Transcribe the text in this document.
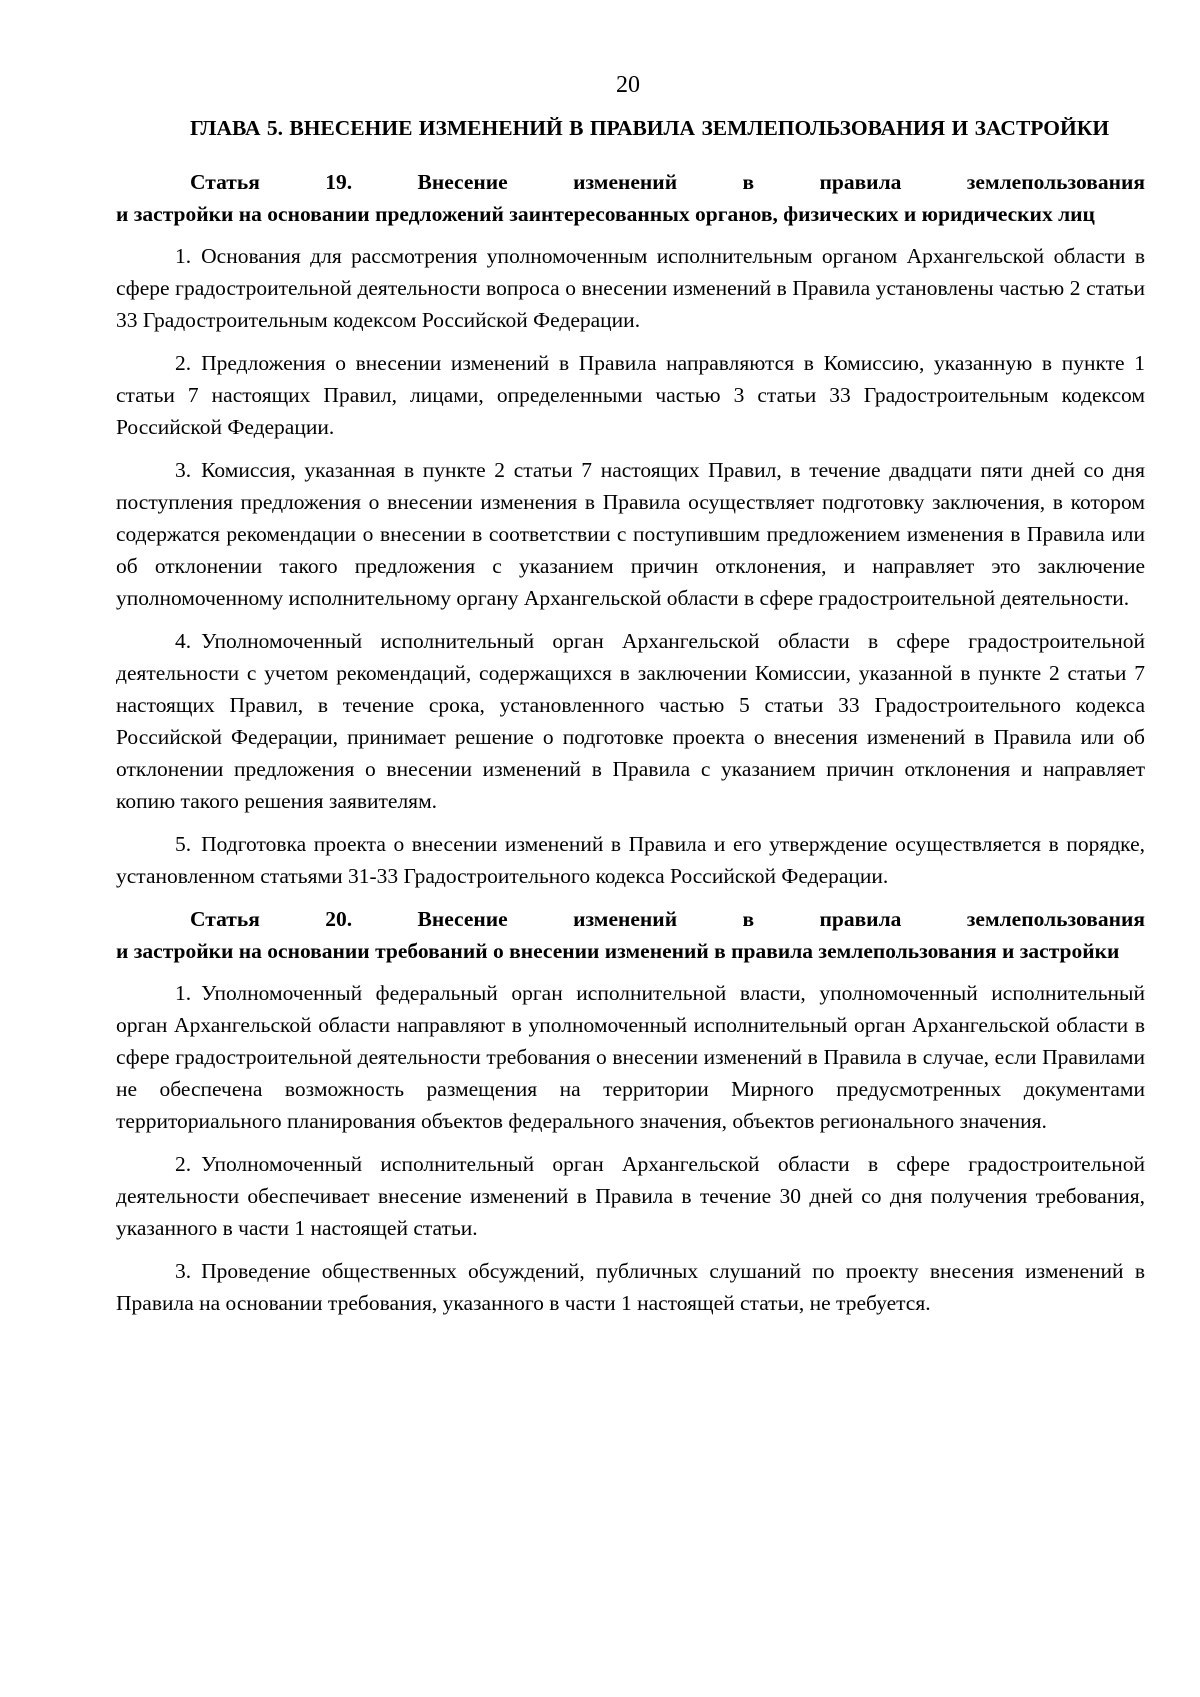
20
ГЛАВА 5. ВНЕСЕНИЕ ИЗМЕНЕНИЙ В ПРАВИЛА ЗЕМЛЕПОЛЬЗОВАНИЯ И ЗАСТРОЙКИ
Статья 19. Внесение изменений в правила землепользования
и застройки на основании предложений заинтересованных органов, физических и юридических лиц
1. Основания для рассмотрения уполномоченным исполнительным органом Архангельской области в сфере градостроительной деятельности вопроса о внесении изменений в Правила установлены частью 2 статьи 33 Градостроительным кодексом Российской Федерации.
2. Предложения о внесении изменений в Правила направляются в Комиссию, указанную в пункте 1 статьи 7 настоящих Правил, лицами, определенными частью 3 статьи 33 Градостроительным кодексом Российской Федерации.
3. Комиссия, указанная в пункте 2 статьи 7 настоящих Правил, в течение двадцати пяти дней со дня поступления предложения о внесении изменения в Правила осуществляет подготовку заключения, в котором содержатся рекомендации о внесении в соответствии с поступившим предложением изменения в Правила или об отклонении такого предложения с указанием причин отклонения, и направляет это заключение уполномоченному исполнительному органу Архангельской области в сфере градостроительной деятельности.
4. Уполномоченный исполнительный орган Архангельской области в сфере градостроительной деятельности с учетом рекомендаций, содержащихся в заключении Комиссии, указанной в пункте 2 статьи 7 настоящих Правил, в течение срока, установленного частью 5 статьи 33 Градостроительного кодекса Российской Федерации, принимает решение о подготовке проекта о внесения изменений в Правила или об отклонении предложения о внесении изменений в Правила с указанием причин отклонения и направляет копию такого решения заявителям.
5. Подготовка проекта о внесении изменений в Правила и его утверждение осуществляется в порядке, установленном статьями 31-33 Градостроительного кодекса Российской Федерации.
Статья 20. Внесение изменений в правила землепользования
и застройки на основании требований о внесении изменений в правила землепользования и застройки
1. Уполномоченный федеральный орган исполнительной власти, уполномоченный исполнительный орган Архангельской области направляют в уполномоченный исполнительный орган Архангельской области в сфере градостроительной деятельности требования о внесении изменений в Правила в случае, если Правилами не обеспечена возможность размещения на территории Мирного предусмотренных документами территориального планирования объектов федерального значения, объектов регионального значения.
2. Уполномоченный исполнительный орган Архангельской области в сфере градостроительной деятельности обеспечивает внесение изменений в Правила в течение 30 дней со дня получения требования, указанного в части 1 настоящей статьи.
3. Проведение общественных обсуждений, публичных слушаний по проекту внесения изменений в Правила на основании требования, указанного в части 1 настоящей статьи, не требуется.
